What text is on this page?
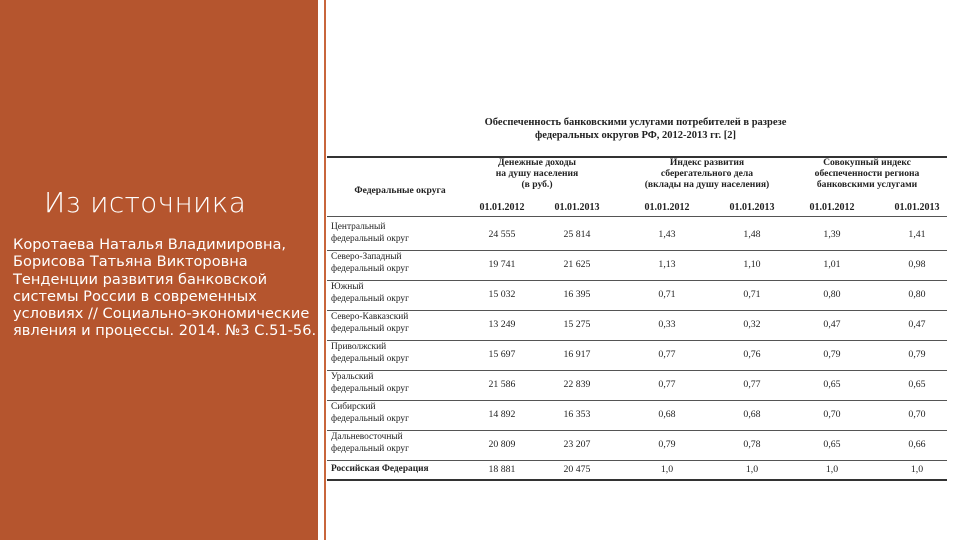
Из источника
Коротаева Наталья Владимировна,
Борисова Татьяна Викторовна
Тенденции развития банковской
системы России в современных
условиях // Социально-экономические
явления и процессы. 2014. №3 С.51-56.
Обеспеченность банковскими услугами потребителей в разрезе
федеральных округов РФ, 2012-2013 гг. [2]
Федеральные округа
Денежные доходы
на душу населения
(в руб.)
Индекс развития
сберегательного дела
(вклады на душу населения)
Совокупный индекс
обеспеченности региона
банковскими услугами
01.01.2012	01.01.2013	01.01.2012	01.01.2013	01.01.2012	01.01.2013
Центральный
федеральный округ	24 555	25 814	1,43	1,48	1,39	1,41
Северо-Западный
федеральный округ	19 741	21 625	1,13	1,10	1,01	0,98
Южный
федеральный округ	15 032	16 395	0,71	0,71	0,80	0,80
Северо-Кавказский
федеральный округ	13 249	15 275	0,33	0,32	0,47	0,47
Приволжский
федеральный округ	15 697	16 917	0,77	0,76	0,79	0,79
Уральский
федеральный округ	21 586	22 839	0,77	0,77	0,65	0,65
Сибирский
федеральный округ	14 892	16 353	0,68	0,68	0,70	0,70
Дальневосточный
федеральный округ	20 809	23 207	0,79	0,78	0,65	0,66
Российская Федерация	18 881	20 475	1,0	1,0	1,0	1,0
